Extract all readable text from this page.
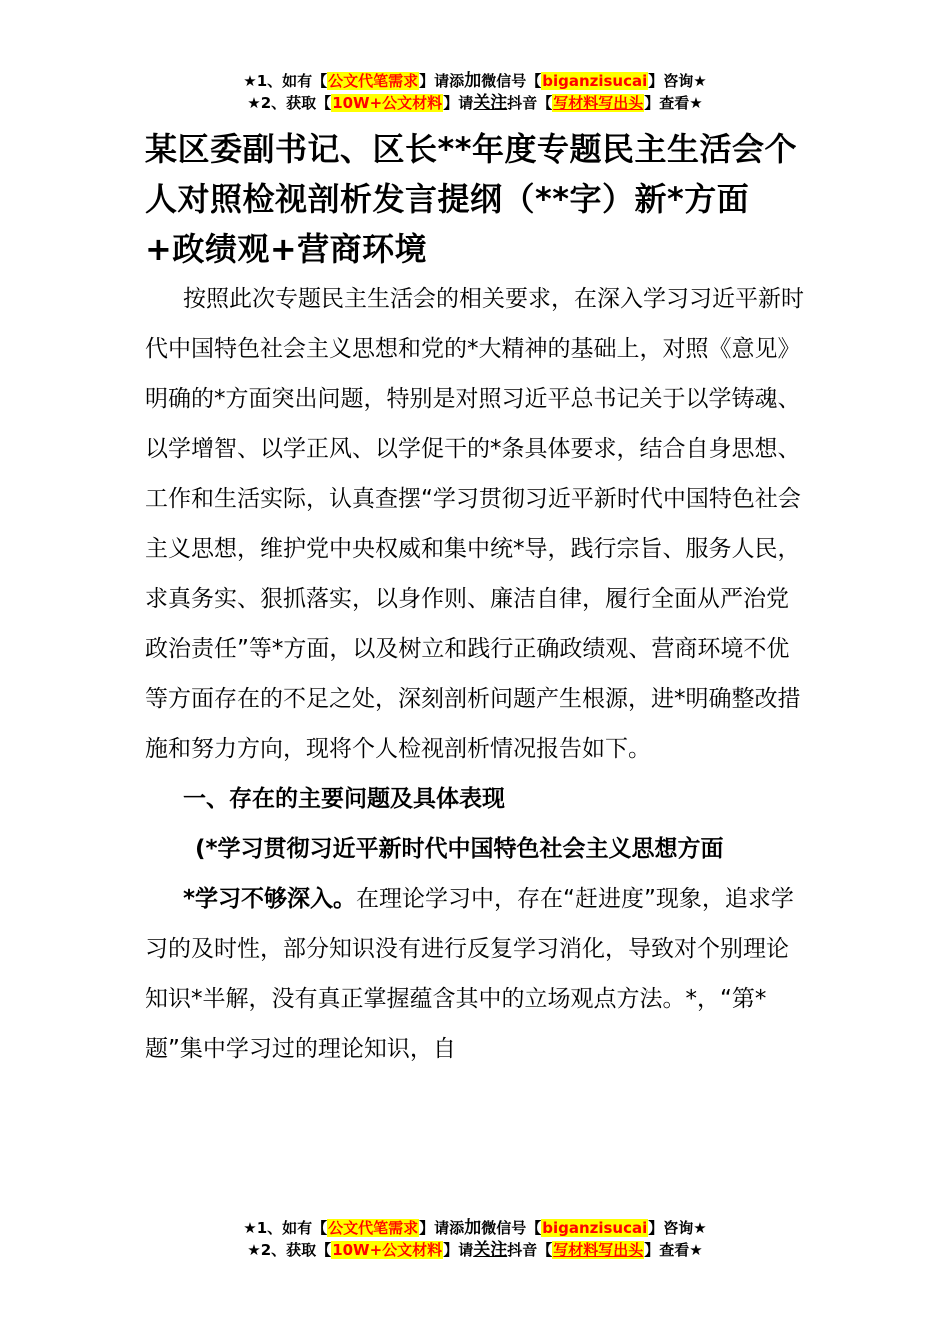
★1、如有【公文代笔需求】请添加微信号【biganzisucai】咨询★
★2、获取【10W+公文材料】请关注抖音【写材料写出头】查看★
某区委副书记、区长**年度专题民主生活会个人对照检视剖析发言提纲（**字）新*方面+政绩观+营商环境

按照此次专题民主生活会的相关要求，在深入学习习近平新时代中国特色社会主义思想和党的*大精神的基础上，对照《意见》明确的*方面突出问题，特别是对照习近平总书记关于以学铸魂、以学增智、以学正风、以学促干的*条具体要求，结合自身思想、工作和生活实际，认真查摆“学习贯彻习近平新时代中国特色社会主义思想，维护党中央权威和集中统*导，践行宗旨、服务人民，求真务实、狠抓落实，以身作则、廉洁自律，履行全面从严治党政治责任”等*方面，以及树立和践行正确政绩观、营商环境不优等方面存在的不足之处，深刻剖析问题产生根源，进*明确整改措施和努力方向，现将个人检视剖析情况报告如下。

一、存在的主要问题及具体表现

(*学习贯彻习近平新时代中国特色社会主义思想方面

*学习不够深入。在理论学习中，存在“赶进度”现象，追求学习的及时性，部分知识没有进行反复学习消化，导致对个别理论知识*半解，没有真正掌握蕴含其中的立场观点方法。*，“第*题”集中学习过的理论知识，自

★1、如有【公文代笔需求】请添加微信号【biganzisucai】咨询★
★2、获取【10W+公文材料】请关注抖音【写材料写出头】查看★
